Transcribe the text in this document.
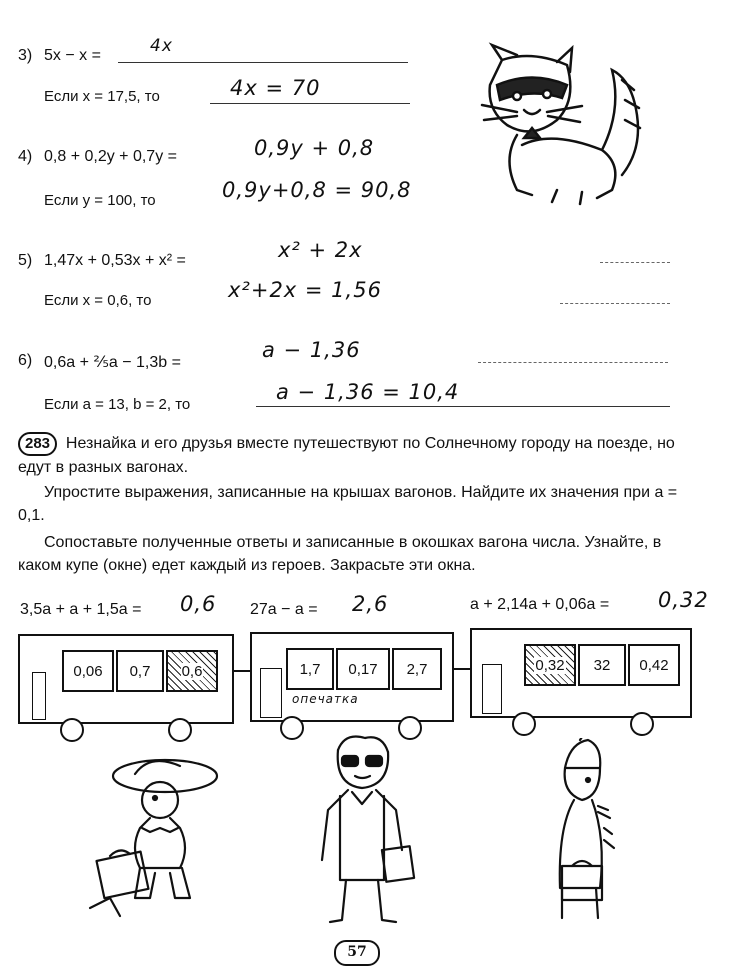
3) 5x − x =	4x
Если x = 17,5, то	4x = 70
4) 0,8 + 0,2y + 0,7y =	0,9y + 0,8
Если y = 100, то	0,9y+0,8 = 90,8
5) 1,47x + 0,53x + x² =	x² + 2x
Если x = 0,6, то	x²+2x = 1,56
6) 0,6a + ⅖a − 1,3b =
a − 1,36
Если a = 13, b = 2, то
a − 1,36 = 10,4
283 Незнайка и его друзья вместе путешествуют по Солнечному городу на поезде, но едут в разных вагонах.
Упростите выражения, записанные на крышах вагонов. Найдите их значения при a = 0,1.
Сопоставьте полученные ответы и записанные в окошках вагона числа. Узнайте, в каком купе (окне) едет каждый из героев. Закрасьте эти окна.
3,5a + a + 1,5a = 0,6 27a − a = 2,6	a + 2,14a + 0,06a = 0,32
0,06 0,7 0,6	1,7 0,17 2,7
опечатка
0,32 32 0,42
57
